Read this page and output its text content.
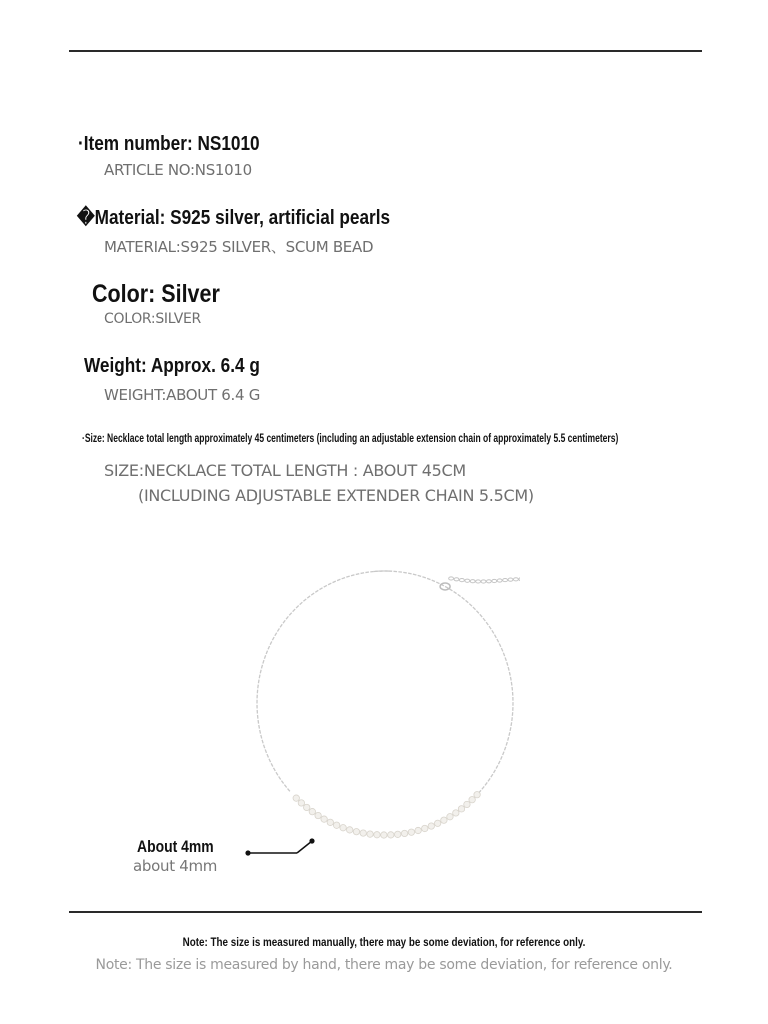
·Item number: NS1010
ARTICLE NO:NS1010
�Material: S925 silver, artificial pearls
MATERIAL:S925 SILVER、SCUM BEAD
Color: Silver
COLOR:SILVER
Weight: Approx. 6.4 g
WEIGHT:ABOUT 6.4 G
·Size: Necklace total length approximately 45 centimeters (including an adjustable extension chain of approximately 5.5 centimeters)
SIZE:NECKLACE TOTAL LENGTH : ABOUT 45CM
(INCLUDING ADJUSTABLE EXTENDER CHAIN 5.5CM)
About 4mm
about 4mm
Note: The size is measured manually, there may be some deviation, for reference only.
Note: The size is measured by hand, there may be some deviation, for reference only.
